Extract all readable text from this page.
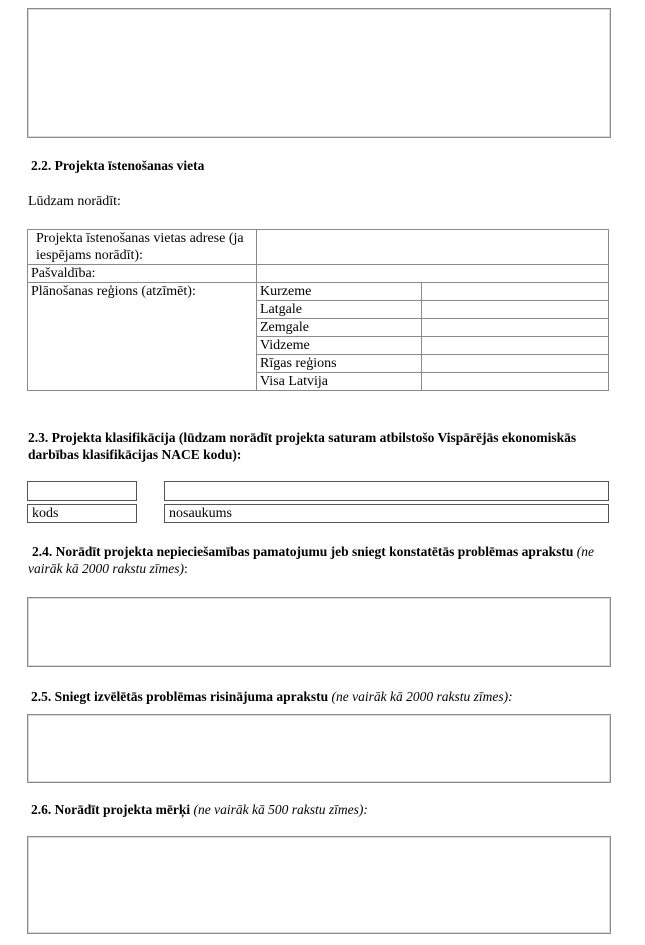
2.2. Projekta īstenošanas vieta
Lūdzam norādīt:
Projekta īstenošanas vietas adrese (ja iespējams norādīt):		

Pašvaldība:		
Plānošanas reģions (atzīmēt):	Kurzeme	
	Latgale	
	Zemgale	
	Vidzeme	
	Rīgas reģions	
	Visa Latvija	
2.3. Projekta klasifikācija (lūdzam norādīt projekta saturam atbilstošo Vispārējās ekonomiskās darbības klasifikācijas NACE kodu):
kods	nosaukums
2.4. Norādīt projekta nepieciešamības pamatojumu jeb sniegt konstatētās problēmas aprakstu (ne vairāk kā 2000 rakstu zīmes):
2.5. Sniegt izvēlētās problēmas risinājuma aprakstu (ne vairāk kā 2000 rakstu zīmes):
2.6. Norādīt projekta mērķi (ne vairāk kā 500 rakstu zīmes):
